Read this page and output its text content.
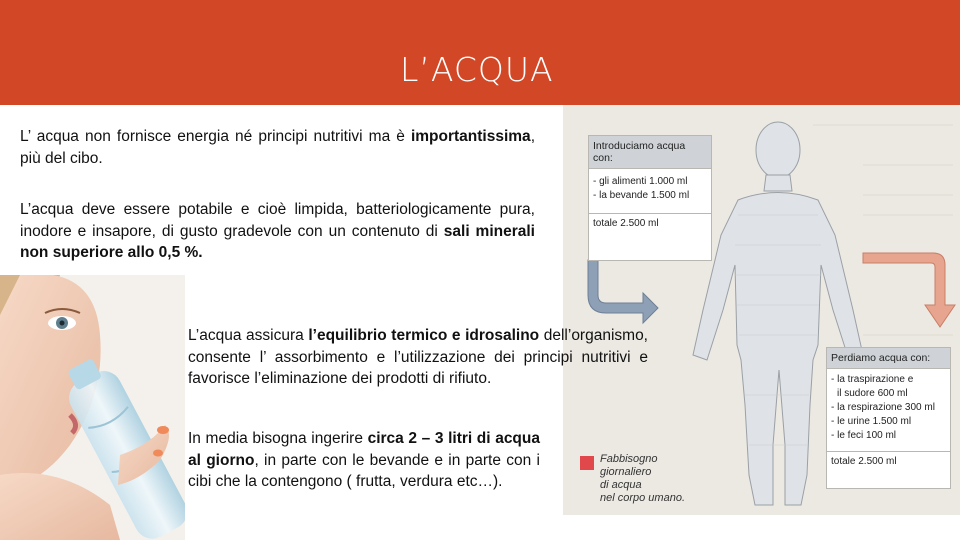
L’ACQUA
L’ acqua non fornisce energia né principi nutritivi ma è importantissima, più del cibo.
L’acqua deve essere potabile e cioè limpida, batteriologicamente pura, inodore e insapore, di gusto gradevole con un contenuto di sali minerali non superiore allo 0,5 %.
Introduciamo acqua con:
- gli alimenti 1.000 ml
- la bevande 1.500 ml
totale 2.500 ml
Perdiamo acqua con:
- la traspirazione e
il sudore 600 ml
- la respirazione 300 ml
- le urine 1.500 ml
- le feci 100 ml
totale 2.500 ml
Fabbisogno
giornaliero
di acqua
nel corpo umano.
L’acqua assicura l’equilibrio termico e idrosalino dell’organismo, consente l’ assorbimento e l’utilizzazione dei principi nutritivi e favorisce l’eliminazione dei prodotti di rifiuto.
In media bisogna ingerire circa 2 – 3 litri di acqua al giorno, in parte con le bevande e in parte con i cibi che la contengono ( frutta, verdura etc…).
